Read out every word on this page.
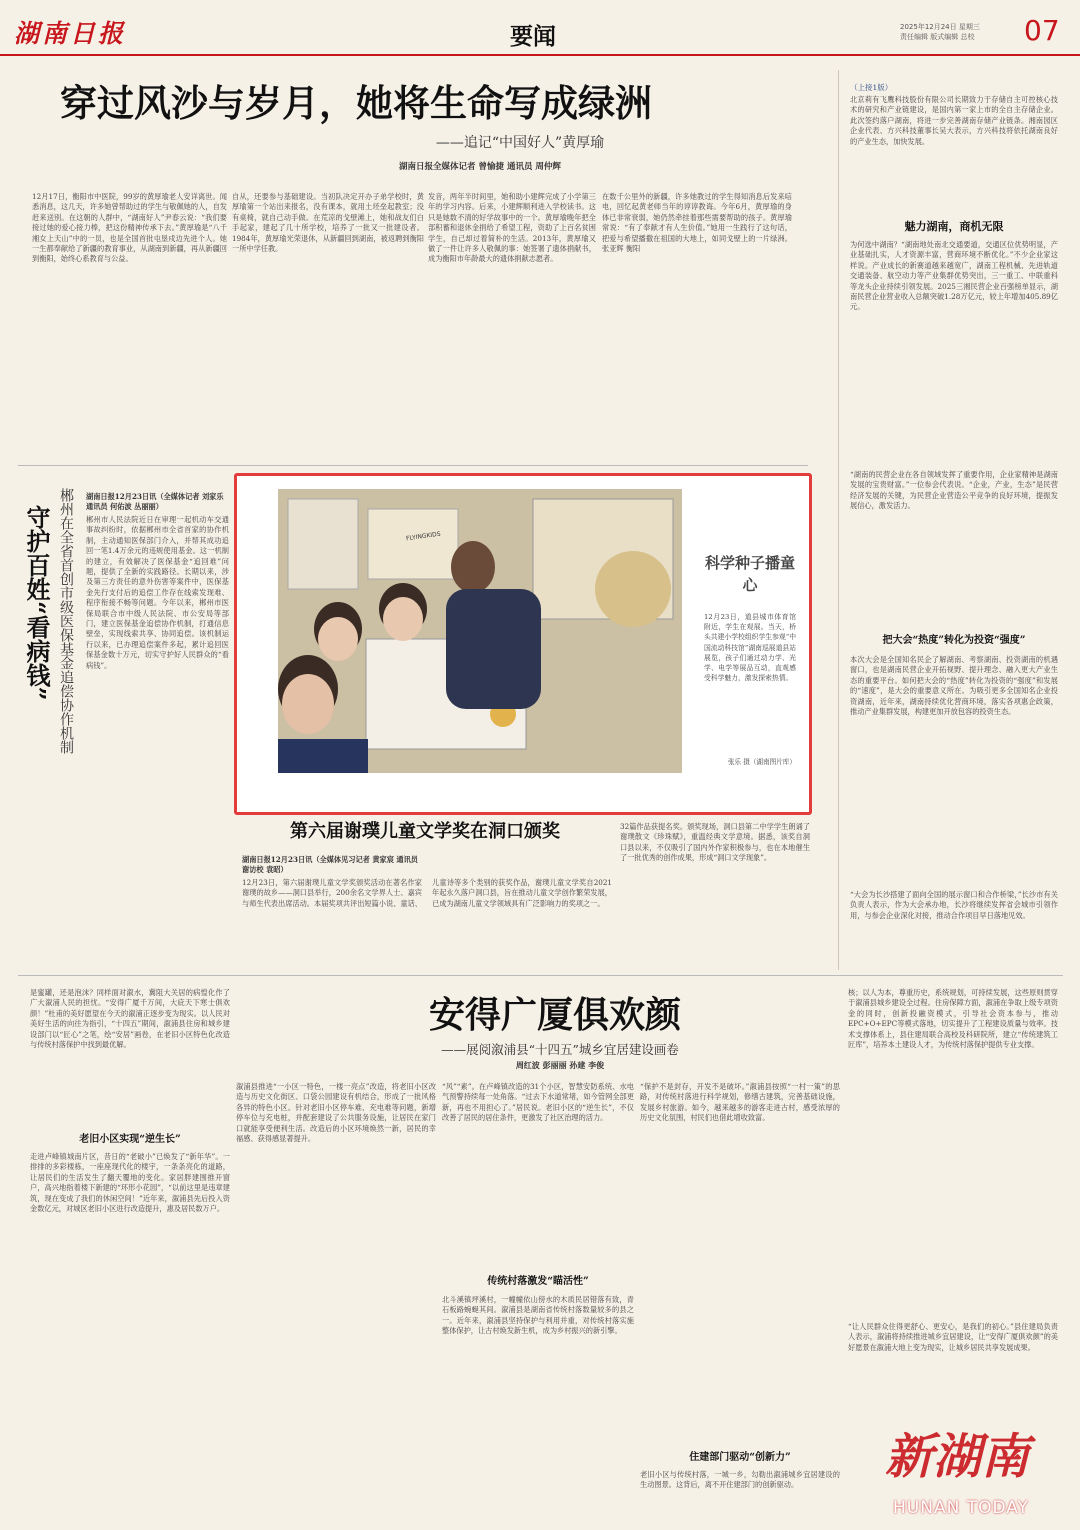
湖南日报	要闻	2025年12月24日 星期三
责任编辑 版式编辑 总校	07
穿过风沙与岁月，她将生命写成绿洲
——追记“中国好人”黄厚瑜
湖南日报全媒体记者 曾愉捷 通讯员 周仲辉
12月17日，衡阳市中医院，99岁的黄厚瑜老人安详离世。闻悉消息，这几天，许多她曾帮助过的学生与敬佩她的人，自发赶来送别。在这朝的人群中，“湖南好人”尹春云说：“我们要接过她的爱心接力棒，把这份精神传承下去。”黄厚瑜是“八千湘女上天山”中的一员，也是全国首批屯垦戍边先进个人。她一生都奉献给了新疆的教育事业，从湖南到新疆，再从新疆回到衡阳，始终心系教育与公益。
自从，还要参与基础建设。当初队决定开办子弟学校时，黄厚瑜第一个站出来报名，没有课本，就用土坯垒起教室；没有桌椅，就自己动手做。在荒凉的戈壁滩上，她和战友们白手起家，建起了几十所学校，培养了一批又一批建设者。1984年，黄厚瑜光荣退休，从新疆回到湖南，被返聘到衡阳一所中学任教。
发音，两年半时间里，她和助小建辉完成了小学第三年的学习内容。后来，小建辉顺利进入学校读书。这只是她数不清的好学故事中的一个。黄厚瑜晚年把全部积蓄和退休金捐给了希望工程，资助了上百名贫困学生，自己却过着简朴的生活。2013年，黄厚瑜又做了一件让许多人敬佩的事：她签署了遗体捐献书，成为衡阳市年龄最大的遗体捐献志愿者。
在数千公里外的新疆，许多她教过的学生得知消息后发来唁电，回忆起黄老师当年的谆谆教诲。今年6月，黄厚瑜的身体已非常衰弱，她仍然牵挂着那些需要帮助的孩子。黄厚瑜常说：“有了奉献才有人生价值。”她用一生践行了这句话，把爱与希望播撒在祖国的大地上，如同戈壁上的一片绿洲。张亚辉 衡阳
（上接1版）
北京莉有飞鹰科技股份有限公司长期致力于存储自主可控核心技术的研究和产业链建设，是国内第一家上市的全自主存储企业。此次签约落户湖南，将进一步完善湖南存储产业链条。湘南园区企业代表、方兴科技董事长吴大表示，方兴科技将依托湖南良好的产业生态，加快发展。
魅力湖南，商机无限
为何选中湖南？“湖南地处南北交通要道，交通区位优势明显，产业基础扎实，人才资源丰富，营商环境不断优化。”不少企业家这样说。产业成长的新赛道越来越宽广，湖南工程机械、先进轨道交通装备、航空动力等产业集群优势突出，三一重工、中联重科等龙头企业持续引领发展。2025三湘民营企业百强榜单显示，湖南民营企业营业收入总额突破1.28万亿元，较上年增加405.89亿元。
“湖南的民营企业在各自领域发挥了重要作用，企业家精神是湖南发展的宝贵财富。”一位参会代表说。“企业，产业，生态”是民营经济发展的关键，为民营企业营造公平竞争的良好环境，提振发展信心，激发活力。
把大会“热度”转化为投资“强度”
本次大会是全国知名民企了解湖南、考察湖南、投资湖南的机遇窗口，也是湖南民营企业开拓视野、提升理念、融入更大产业生态的重要平台。如何把大会的“热度”转化为投资的“强度”和发展的“速度”，是大会的重要意义所在。为吸引更多全国知名企业投资湖南，近年来，湖南持续优化营商环境，落实各项惠企政策，推动产业集群发展，构建更加开放包容的投资生态。
“大会为长沙搭建了面向全国的展示窗口和合作桥梁，”长沙市有关负责人表示，作为大会承办地，长沙将继续发挥省会城市引领作用，与参会企业深化对接，推动合作项目早日落地见效。
守护百姓“看病钱” 郴州在全省首创市级医保基金追偿协作机制 湖南日报12月23日讯（全媒体记者 刘家乐 通讯员 何佑波 丛丽丽）
郴州市人民法院近日在审理一起机动车交通事故纠纷时，依据郴州市全省首家的协作机制，主动通知医保部门介入，并帮其成功追回一笔1.4万余元的违规使用基金。这一机制的建立，有效解决了医保基金“追回难”问题，提供了全新的实践路径。长期以来，涉及第三方责任的意外伤害等案件中，医保基金先行支付后的追偿工作存在线索发现难、程序衔接不畅等问题。今年以来，郴州市医保局联合市中级人民法院、市公安局等部门，建立医保基金追偿协作机制，打通信息壁垒，实现线索共享、协同追偿。该机制运行以来，已办理追偿案件多起，累计追回医保基金数十万元，切实守护好人民群众的“看病钱”。
FLYINGKIDS
科学种子播童心
12月23日，道县城市体育馆附近，学生在观展。当天，桥头共建小学校组织学生参观“中国流动科技馆”湖南巡展道县站展览，孩子们通过动力学、光学、电学等展品互动，直观感受科学魅力，激发探索热情。
张乐 摄（湖南图片库）
第六届谢璞儿童文学奖在洞口颁奖
湖南日报12月23日讯（全媒体见习记者 黄家宸 通讯员 谢访校 袁昭）
12月23日，第六届谢璞儿童文学奖颁奖活动在著名作家谢璞的故乡——洞口县举行，200余名文学界人士、嘉宾与师生代表出席活动。本届奖项共评出短篇小说、童话、儿童诗等多个类别的获奖作品，谢璞儿童文学奖自2021年起永久落户洞口县，旨在推动儿童文学创作繁荣发展，已成为湖南儿童文学领域具有广泛影响力的奖项之一。
32篇作品获提名奖。颁奖现场，洞口县第二中学学生朗诵了谢璞散文《珍珠赋》，重温经典文学意境。据悉，该奖自洞口县以来，不仅吸引了国内外作家积极参与，也在本地催生了一批优秀的创作成果，形成“洞口文学现象”。
安得广厦俱欢颜
——展阅溆浦县“十四五”城乡宜居建设画卷
周红波 彭丽丽 孙建 李俊
是蜜罐，还是泡沫？同样面对溆水，冀阻大关居的病惶化作了广大溆浦人民的担忧。“安得广厦千万间，大庇天下寒士俱欢颜！”杜甫的美好愿望在今天的溆浦正逐步变为现实。以人民对美好生活的向往为指引，“十四五”期间，溆浦县住房和城乡建设部门以“匠心”之笔，绘“安居”画卷，在老旧小区特色化改造与传统村落保护中找到最优解。
老旧小区实现“逆生长”
走进卢峰镇城南片区，昔日的“老破小”已焕发了“新年华”。一排排的多彩楼栋，一座座现代化的楼宇，一条条亮化的道路，让居民们的生活发生了翻天覆地的变化。家居胖建围推开窗户，高兴地指着楼下新建的“环形小花园”，“以前这里是违章建筑，现在变成了我们的休闲空间！”近年来，溆浦县先后投入资金数亿元，对城区老旧小区进行改造提升，惠及居民数万户。
溆浦县推进“一小区一特色，一楼一亮点”改造，将老旧小区改造与历史文化街区、口袋公园建设有机结合，形成了一批风格各异的特色小区。针对老旧小区停车难、充电难等问题，新增停车位与充电桩，并配套建设了公共服务设施，让居民在家门口就能享受便利生活。改造后的小区环境焕然一新，居民的幸福感、获得感显著提升。
“风”“素”。在卢峰镇改造的31个小区，智慧安防系统、水电气预警持续每一处角落。“过去下水道常堵，如今管网全部更新，再也不用担心了。”居民说。老旧小区的“逆生长”，不仅改善了居民的居住条件，更激发了社区治理的活力。
传统村落激发“瞄活性”
北斗溪镇坪溪村，一幢幢依山傍水的木质民居错落有致，青石板路蜿蜒其间。溆浦县是湖南省传统村落数量较多的县之一。近年来，溆浦县坚持保护与利用并重，对传统村落实施整体保护，让古村焕发新生机，成为乡村振兴的新引擎。
“保护不是封存，开发不是破坏。”溆浦县按照“一村一策”的思路，对传统村落进行科学规划，修缮古建筑，完善基础设施，发展乡村旅游。如今，越来越多的游客走进古村，感受浓厚的历史文化氛围，村民们也借此增收致富。
住建部门驱动“创新力”
老旧小区与传统村落，一城一乡，勾勒出溆浦城乡宜居建设的生动图景。这背后，离不开住建部门的创新驱动。
核；以人为本，尊重历史，系统规划，可持续发展，这些原则贯穿于溆浦县城乡建设全过程。住房保障方面，溆浦在争取上级专项资金的同时，创新投融资模式，引导社会资本参与，推动EPC+O+EPC等模式落地，切实提升了工程建设质量与效率。技术支撑体系上，县住建局联合高校及科研院所，建立“传统建筑工匠库”，培养本土建设人才，为传统村落保护提供专业支撑。
“让人民群众住得更舒心、更安心，是我们的初心。”县住建局负责人表示，溆浦将持续推进城乡宜居建设，让“安得广厦俱欢颜”的美好愿景在溆浦大地上变为现实，让城乡居民共享发展成果。
新湖南
HUNAN TODAY
